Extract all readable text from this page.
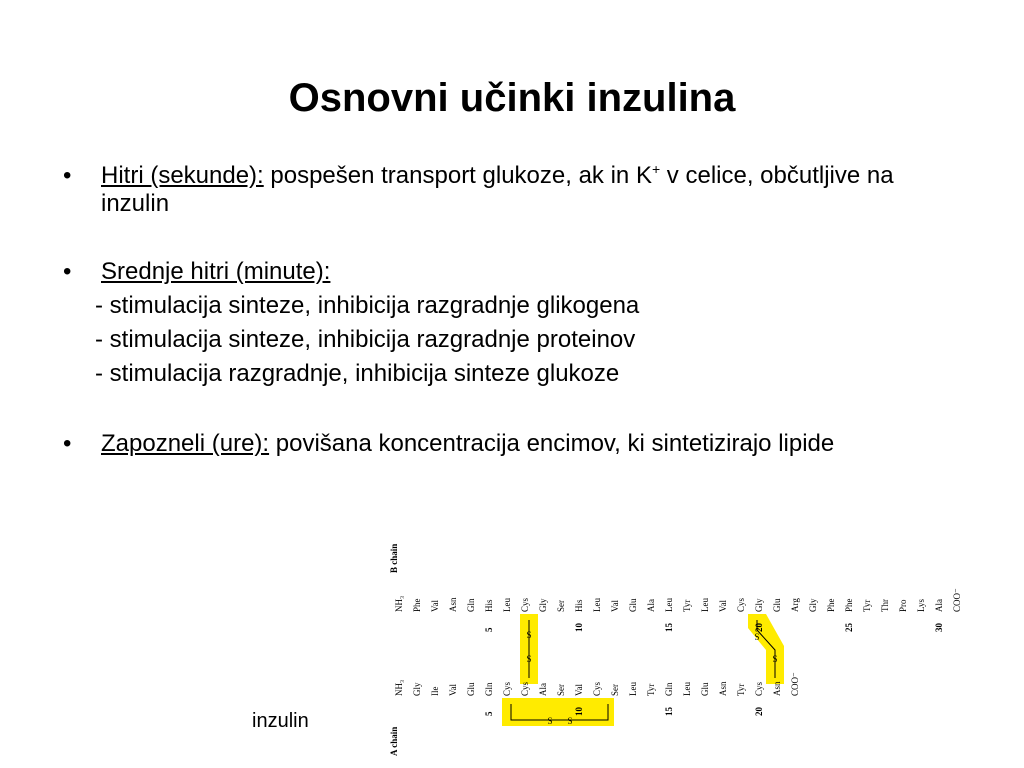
Osnovni učinki inzulina
• Hitri (sekunde): pospešen transport glukoze, ak in K+ v celice, občutljive na inzulin
• Srednje hitri (minute):
- stimulacija sinteze, inhibicija razgradnje glikogena
- stimulacija sinteze, inhibicija razgradnje proteinov
- stimulacija razgradnje, inhibicija sinteze glukoze
• Zapozneli (ure): povišana koncentracija encimov, ki sintetizirajo lipide
inzulin
S
S
S
S
S S
B chain
A chain
NH₃ Phe Val Asn Gln His Leu Cys Gly Ser His Leu Val Glu Ala Leu Tyr Leu Val Cys Gly Glu Arg Gly Phe Phe Tyr Thr Pro Lys Ala COO⁻
NH₃ Gly Ile Val Glu Gln Cys Cys Ala Ser Val Cys Ser Leu Tyr Gln Leu Glu Asn Tyr Cys Asn COO⁻
5	10	15	20	25	30
5	10	15	20
